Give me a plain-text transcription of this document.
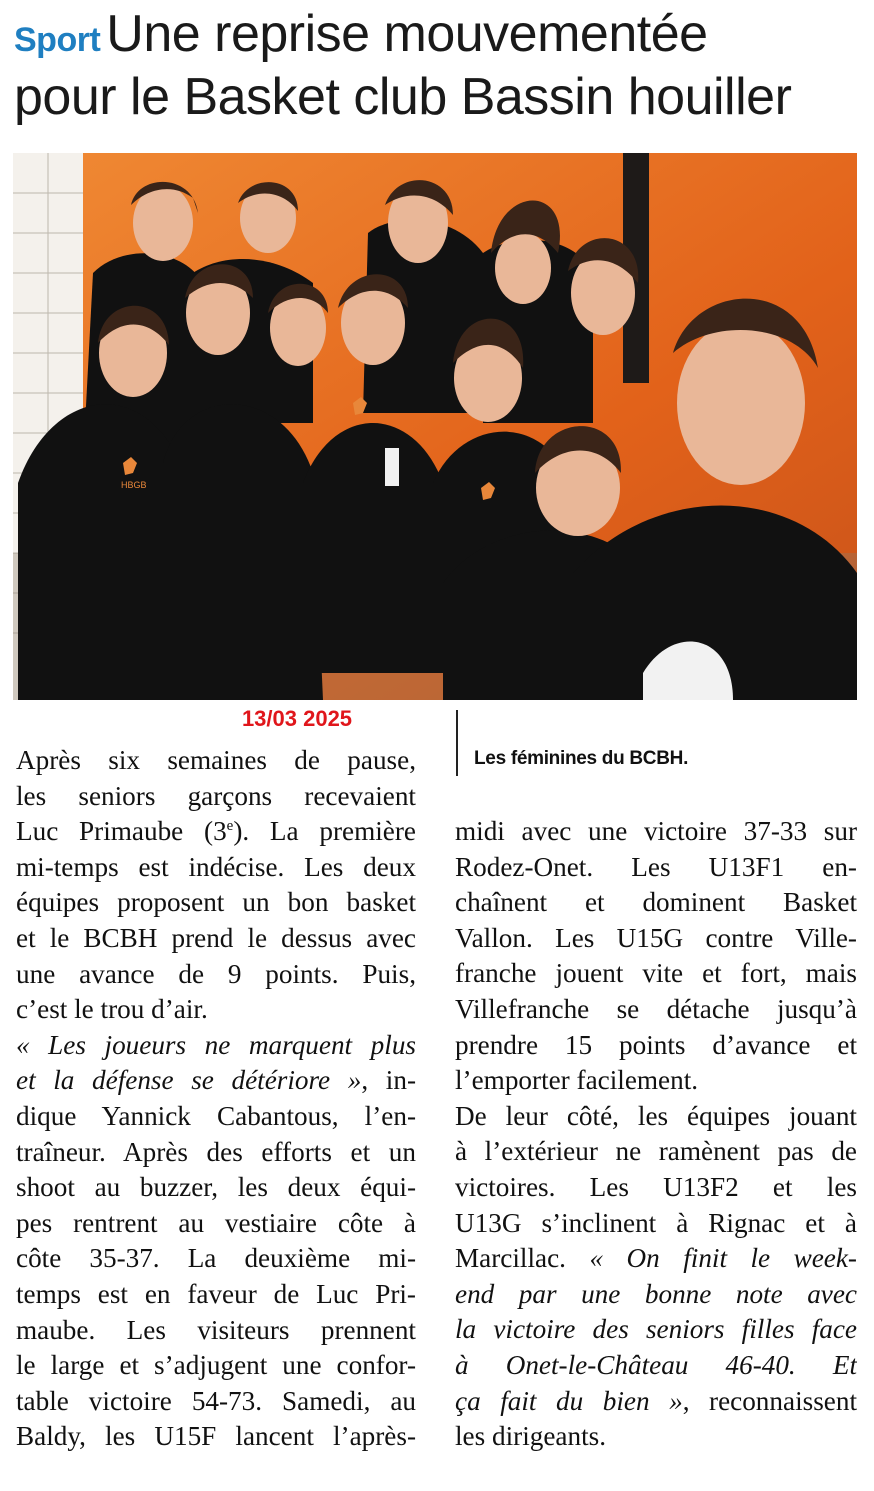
Sport Une reprise mouvementée
pour le Basket club Bassin houiller
HBGB
13/03 2025
Les féminines du BCBH.
Après six semaines de pause,
les seniors garçons recevaient
Luc Primaube (3e). La première
mi-temps est indécise. Les deux
équipes proposent un bon basket
et le BCBH prend le dessus avec
une avance de 9 points. Puis,
c’est le trou d’air.
« Les joueurs ne marquent plus
et la défense se détériore », in-
dique Yannick Cabantous, l’en-
traîneur. Après des efforts et un
shoot au buzzer, les deux équi-
pes rentrent au vestiaire côte à
côte 35-37. La deuxième mi-
temps est en faveur de Luc Pri-
maube. Les visiteurs prennent
le large et s’adjugent une confor-
table victoire 54-73. Samedi, au
Baldy, les U15F lancent l’après-
midi avec une victoire 37-33 sur
Rodez-Onet. Les U13F1 en-
chaînent et dominent Basket
Vallon. Les U15G contre Ville-
franche jouent vite et fort, mais
Villefranche se détache jusqu’à
prendre 15 points d’avance et
l’emporter facilement.
De leur côté, les équipes jouant
à l’extérieur ne ramènent pas de
victoires. Les U13F2 et les
U13G s’inclinent à Rignac et à
Marcillac. « On finit le week-
end par une bonne note avec
la victoire des seniors filles face
à Onet-le-Château 46-40. Et
ça fait du bien », reconnaissent
les dirigeants.
